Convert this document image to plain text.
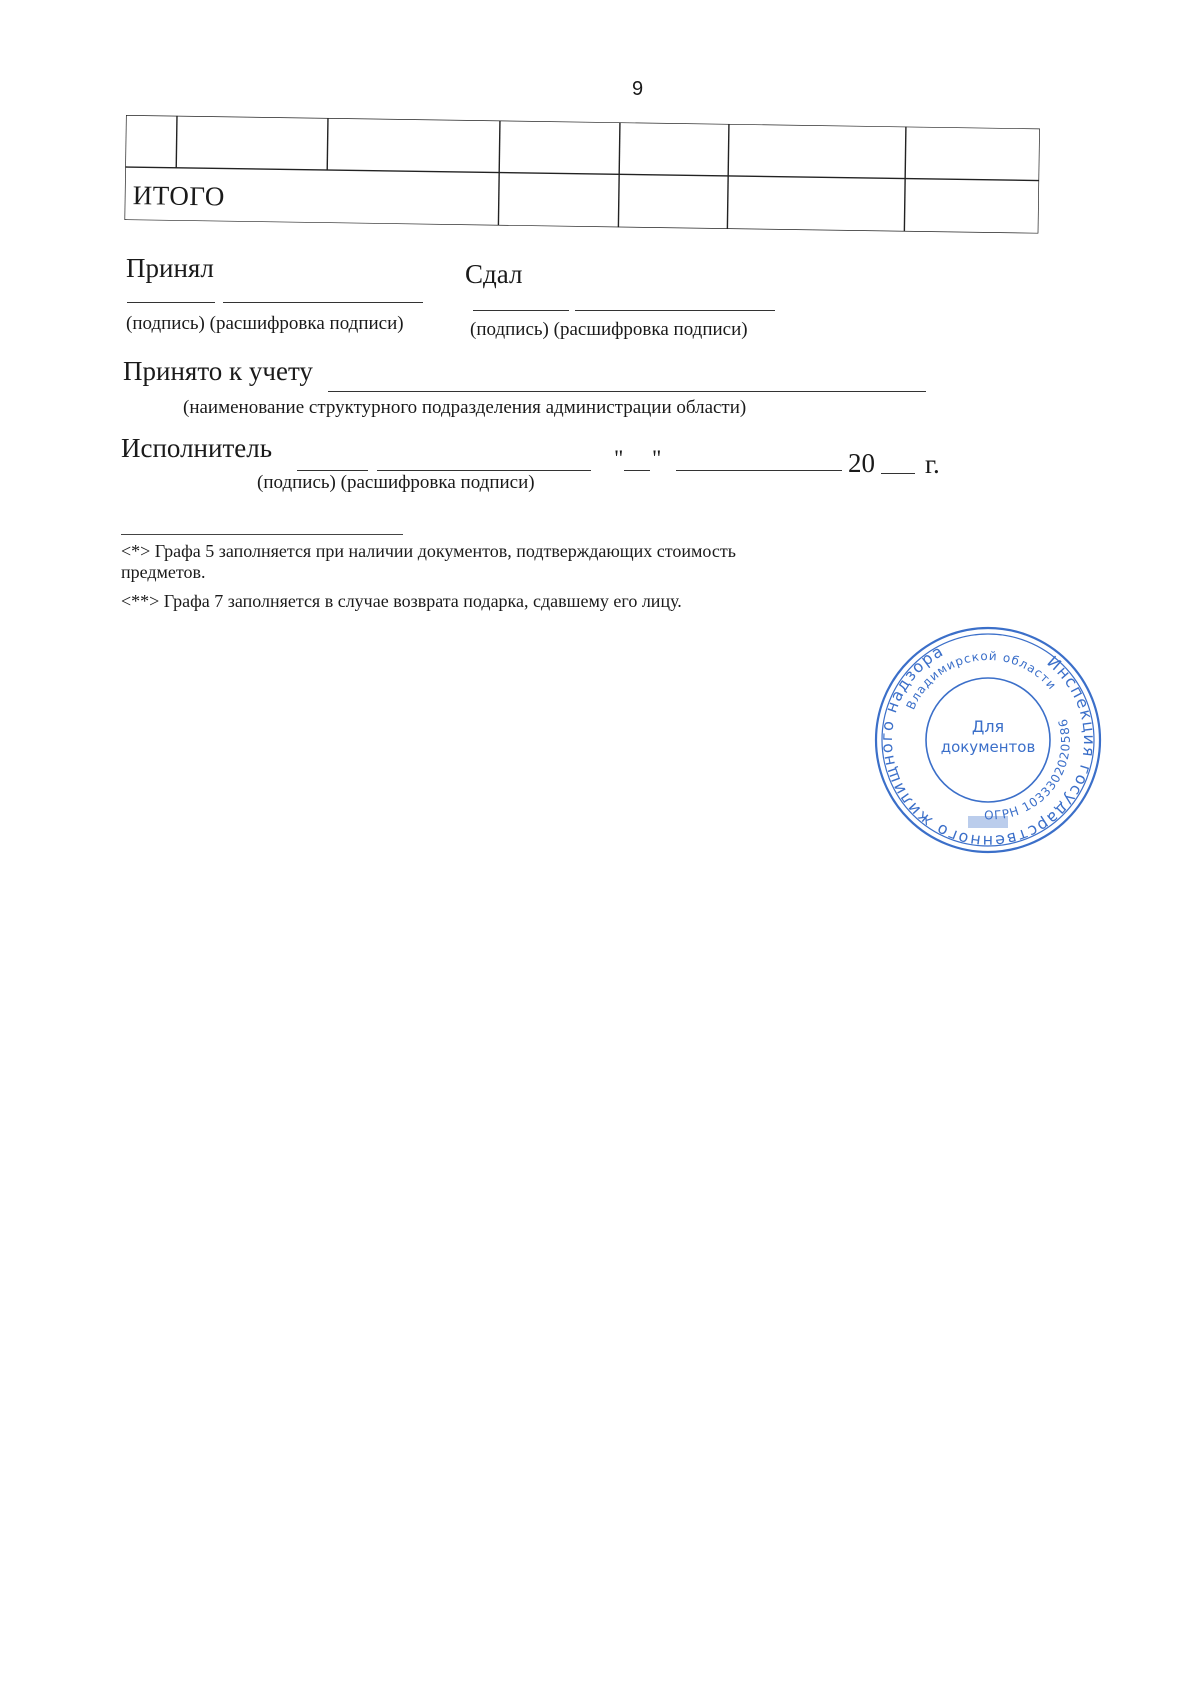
9
ИТОГО
Принял
(подпись) (расшифровка подписи)
Сдал
(подпись) (расшифровка подписи)
Принято к учету
(наименование структурного подразделения администрации области)
Исполнитель	" "	20 г.
(подпись) (расшифровка подписи)
<*> Графа 5 заполняется при наличии документов, подтверждающих стоимость
предметов.
<**> Графа 7 заполняется в случае возврата подарка, сдавшему его лицу.
Инспекция государственного жилищного надзора
Владимирской области
ОГРН 1033302020586
Для
документов
